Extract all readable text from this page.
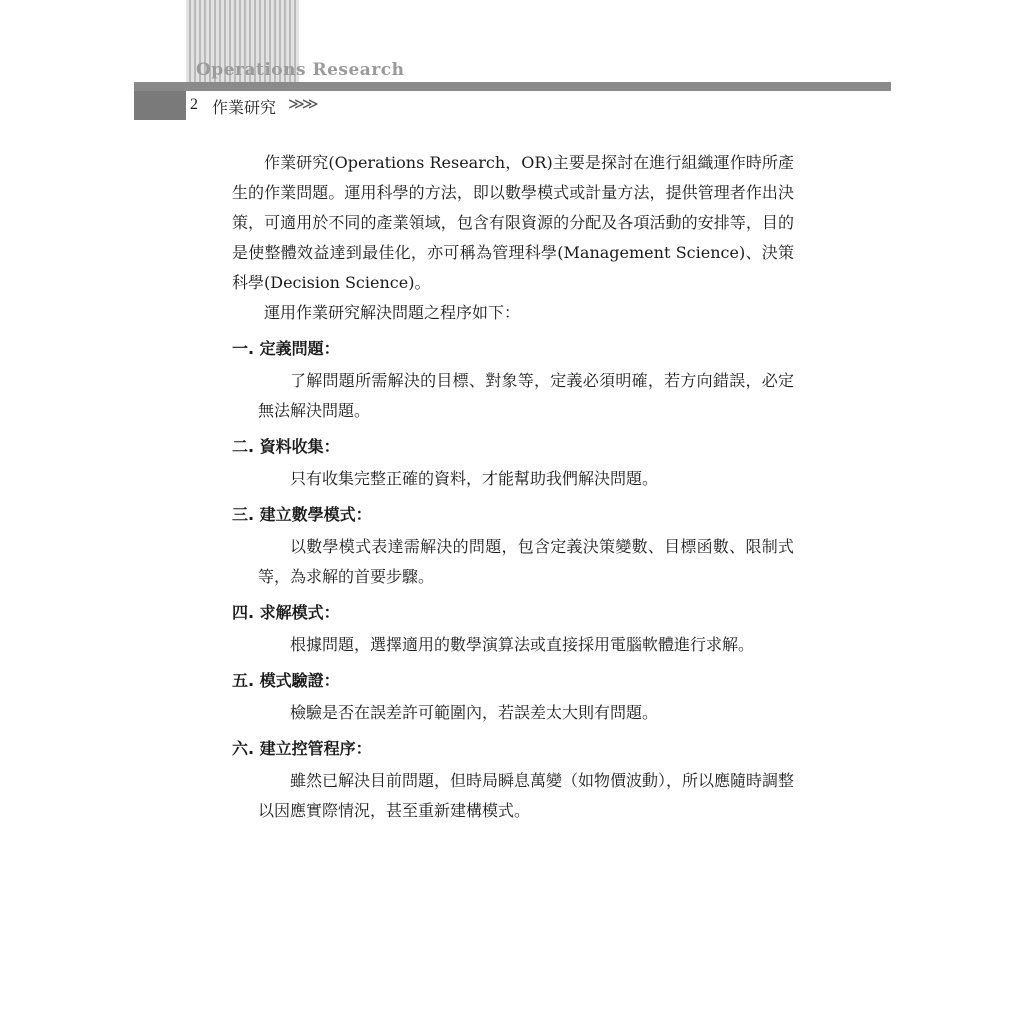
Operations Research
2 作業研究 ≫≫

作業研究(Operations Research，OR)主要是探討在進行組織運作時所產生的作業問題。運用科學的方法，即以數學模式或計量方法，提供管理者作出決策，可適用於不同的產業領域，包含有限資源的分配及各項活動的安排等，目的是使整體效益達到最佳化，亦可稱為管理科學(Management Science)、決策科學(Decision Science)。

運用作業研究解決問題之程序如下：

一. 定義問題：

了解問題所需解決的目標、對象等，定義必須明確，若方向錯誤，必定無法解決問題。

二. 資料收集：

只有收集完整正確的資料，才能幫助我們解決問題。

三. 建立數學模式：

以數學模式表達需解決的問題，包含定義決策變數、目標函數、限制式等，為求解的首要步驟。

四. 求解模式：

根據問題，選擇適用的數學演算法或直接採用電腦軟體進行求解。

五. 模式驗證：

檢驗是否在誤差許可範圍內，若誤差太大則有問題。

六. 建立控管程序：

雖然已解決目前問題，但時局瞬息萬變（如物價波動），所以應隨時調整以因應實際情況，甚至重新建構模式。
